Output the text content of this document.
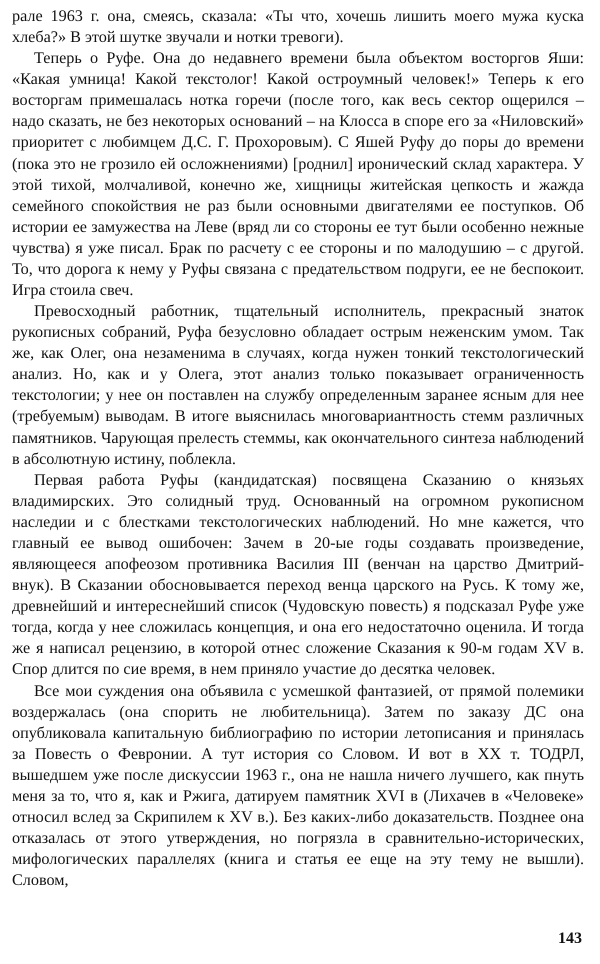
рале 1963 г. она, смеясь, сказала: «Ты что, хочешь лишить моего мужа куска хлеба?» В этой шутке звучали и нотки тревоги).

Теперь о Руфе. Она до недавнего времени была объектом восторгов Яши: «Какая умница! Какой текстолог! Какой остроумный человек!» Теперь к его восторгам примешалась нотка горечи (после того, как весь сектор ощерился – надо сказать, не без некоторых оснований – на Клосса в споре его за «Ниловский» приоритет с любимцем Д.С. Г. Прохоровым). С Яшей Руфу до поры до времени (пока это не грозило ей осложнениями) [роднил] иронический склад характера. У этой тихой, молчаливой, конечно же, хищницы житейская цепкость и жажда семейного спокойствия не раз были основными двигателями ее поступков. Об истории ее замужества на Леве (вряд ли со стороны ее тут были особенно нежные чувства) я уже писал. Брак по расчету с ее стороны и по малодушию – с другой. То, что дорога к нему у Руфы связана с предательством подруги, ее не беспокоит. Игра стоила свеч.

Превосходный работник, тщательный исполнитель, прекрасный знаток рукописных собраний, Руфа безусловно обладает острым неженским умом. Так же, как Олег, она незаменима в случаях, когда нужен тонкий текстологический анализ. Но, как и у Олега, этот анализ только показывает ограниченность текстологии; у нее он поставлен на службу определенным заранее ясным для нее (требуемым) выводам. В итоге выяснилась многовариантность стемм различных памятников. Чарующая прелесть стеммы, как окончательного синтеза наблюдений в абсолютную истину, поблекла.

Первая работа Руфы (кандидатская) посвящена Сказанию о князьях владимирских. Это солидный труд. Основанный на огромном рукописном наследии и с блестками текстологических наблюдений. Но мне кажется, что главный ее вывод ошибочен: Зачем в 20-ые годы создавать произведение, являющееся апофеозом противника Василия III (венчан на царство Дмитрий-внук). В Сказании обосновывается переход венца царского на Русь. К тому же, древнейший и интереснейший список (Чудовскую повесть) я подсказал Руфе уже тогда, когда у нее сложилась концепция, и она его недостаточно оценила. И тогда же я написал рецензию, в которой отнес сложение Сказания к 90-м годам XV в. Спор длится по сие время, в нем приняло участие до десятка человек.

Все мои суждения она объявила с усмешкой фантазией, от прямой полемики воздержалась (она спорить не любительница). Затем по заказу ДС она опубликовала капитальную библиографию по истории летописания и принялась за Повесть о Февронии. А тут история со Словом. И вот в XX т. ТОДРЛ, вышедшем уже после дискуссии 1963 г., она не нашла ничего лучшего, как пнуть меня за то, что я, как и Ржига, датируем памятник XVI в (Лихачев в «Человеке» относил вслед за Скрипилем к XV в.). Без каких-либо доказательств. Позднее она отказалась от этого утверждения, но погрязла в сравнительно-исторических, мифологических параллелях (книга и статья ее еще на эту тему не вышли). Словом,

143
